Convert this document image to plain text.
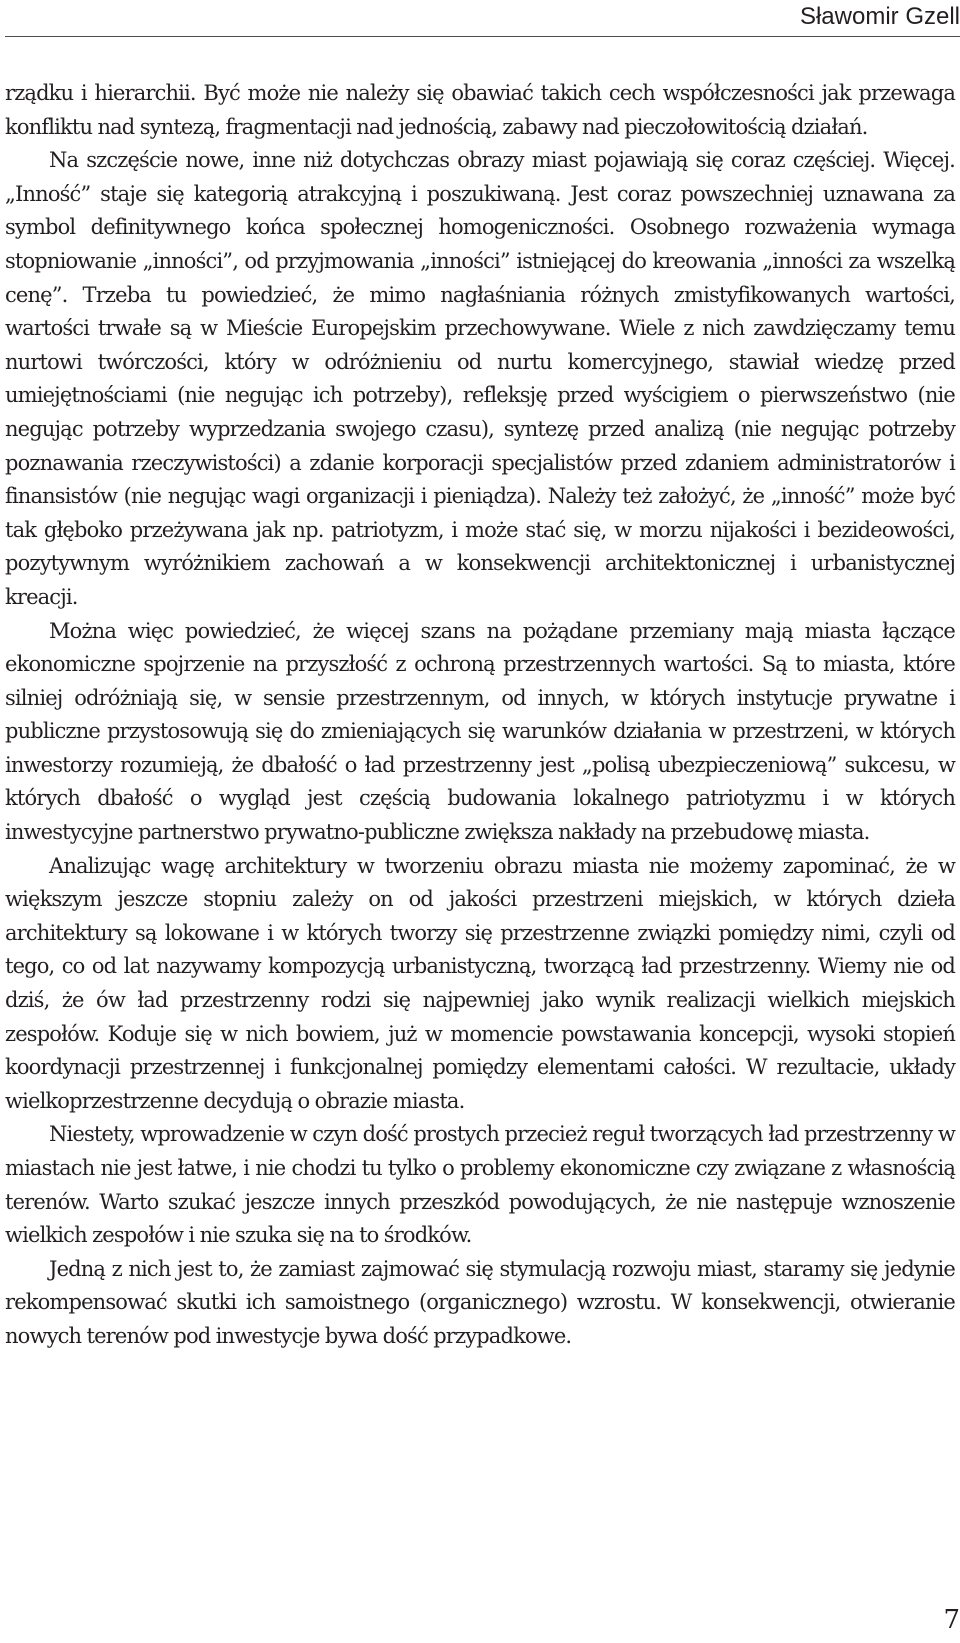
Sławomir Gzell

rządku i hierarchii. Być może nie należy się obawiać takich cech współczesności jak przewaga konfliktu nad syntezą, fragmentacji nad jednością, zabawy nad pieczołowitością działań.

Na szczęście nowe, inne niż dotychczas obrazy miast pojawiają się coraz częściej. Więcej. „Inność” staje się kategorią atrakcyjną i poszukiwaną. Jest coraz powszechniej uznawana za symbol definitywnego końca społecznej homogeniczności. Osobnego rozważenia wymaga stopniowanie „inności”, od przyjmowania „inności” istniejącej do kreowania „inności za wszelką cenę”. Trzeba tu powiedzieć, że mimo nagłaśniania różnych zmistyfikowanych wartości, wartości trwałe są w Mieście Europejskim przechowywane. Wiele z nich zawdzięczamy temu nurtowi twórczości, który w odróżnieniu od nurtu komercyjnego, stawiał wiedzę przed umiejętnościami (nie negując ich potrzeby), refleksję przed wyścigiem o pierwszeństwo (nie negując potrzeby wyprzedzania swojego czasu), syntezę przed analizą (nie negując potrzeby poznawania rzeczywistości) a zdanie korporacji specjalistów przed zdaniem administratorów i finansistów (nie negując wagi organizacji i pieniądza). Należy też założyć, że „inność” może być tak głęboko przeżywana jak np. patriotyzm, i może stać się, w morzu nijakości i bezideowości, pozytywnym wyróżnikiem zachowań a w konsekwencji architektonicznej i urbanistycznej kreacji.

Można więc powiedzieć, że więcej szans na pożądane przemiany mają miasta łączące ekonomiczne spojrzenie na przyszłość z ochroną przestrzennych wartości. Są to miasta, które silniej odróżniają się, w sensie przestrzennym, od innych, w których instytucje prywatne i publiczne przystosowują się do zmieniających się warunków działania w przestrzeni, w których inwestorzy rozumieją, że dbałość o ład przestrzenny jest „polisą ubezpieczeniową” sukcesu, w których dbałość o wygląd jest częścią budowania lokalnego patriotyzmu i w których inwestycyjne partnerstwo prywatno-publiczne zwiększa nakłady na przebudowę miasta.

Analizując wagę architektury w tworzeniu obrazu miasta nie możemy zapominać, że w większym jeszcze stopniu zależy on od jakości przestrzeni miejskich, w których dzieła architektury są lokowane i w których tworzy się przestrzenne związki pomiędzy nimi, czyli od tego, co od lat nazywamy kompozycją urbanistyczną, tworzącą ład przestrzenny. Wiemy nie od dziś, że ów ład przestrzenny rodzi się najpewniej jako wynik realizacji wielkich miejskich zespołów. Koduje się w nich bowiem, już w momencie powstawania koncepcji, wysoki stopień koordynacji przestrzennej i funkcjonalnej pomiędzy elementami całości. W rezultacie, układy wielkoprzestrzenne decydują o obrazie miasta.

Niestety, wprowadzenie w czyn dość prostych przecież reguł tworzących ład przestrzenny w miastach nie jest łatwe, i nie chodzi tu tylko o problemy ekonomiczne czy związane z własnością terenów. Warto szukać jeszcze innych przeszkód powodujących, że nie następuje wznoszenie wielkich zespołów i nie szuka się na to środków.

Jedną z nich jest to, że zamiast zajmować się stymulacją rozwoju miast, staramy się jedynie rekompensować skutki ich samoistnego (organicznego) wzrostu. W konsekwencji, otwieranie nowych terenów pod inwestycje bywa dość przypadkowe.

7
